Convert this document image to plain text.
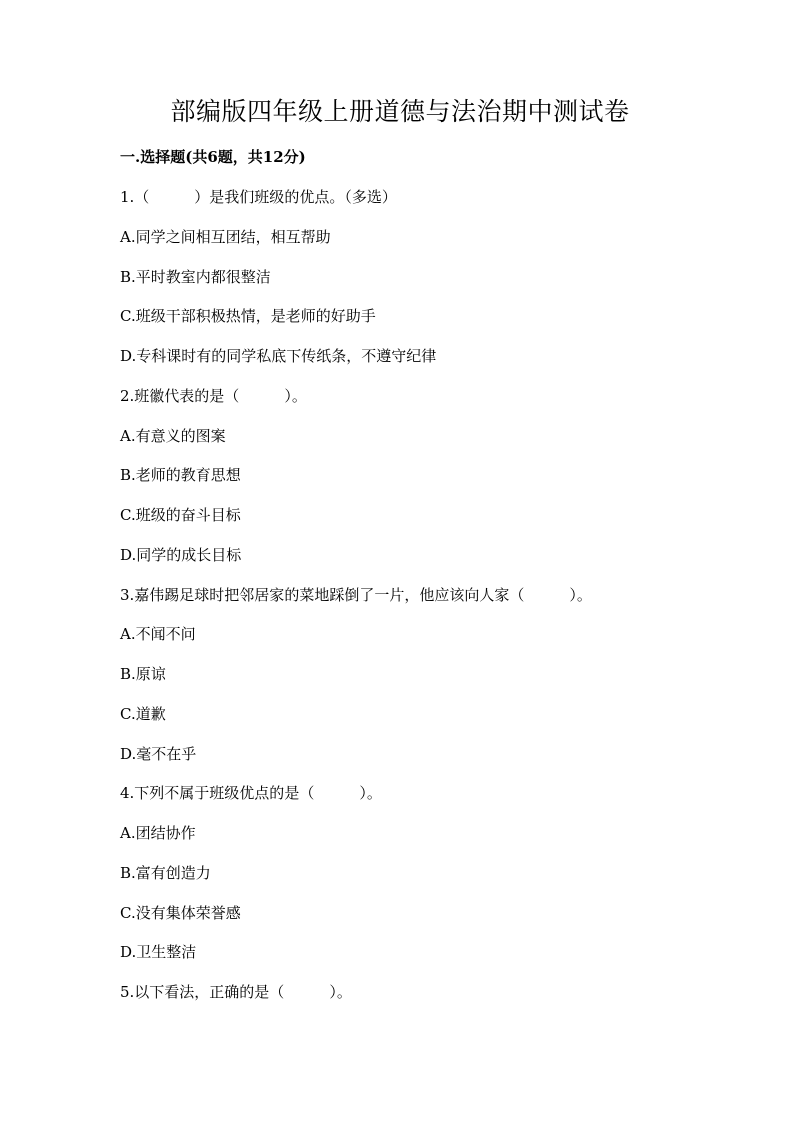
部编版四年级上册道德与法治期中测试卷
一.选择题(共6题，共12分)
1.（　　　）是我们班级的优点。（多选）
A.同学之间相互团结，相互帮助
B.平时教室内都很整洁
C.班级干部积极热情，是老师的好助手
D.专科课时有的同学私底下传纸条，不遵守纪律
2.班徽代表的是（　　　）。
A.有意义的图案
B.老师的教育思想
C.班级的奋斗目标
D.同学的成长目标
3.嘉伟踢足球时把邻居家的菜地踩倒了一片，他应该向人家（　　　）。
A.不闻不问
B.原谅
C.道歉
D.毫不在乎
4.下列不属于班级优点的是（　　　）。
A.团结协作
B.富有创造力
C.没有集体荣誉感
D.卫生整洁
5.以下看法，正确的是（　　　）。
